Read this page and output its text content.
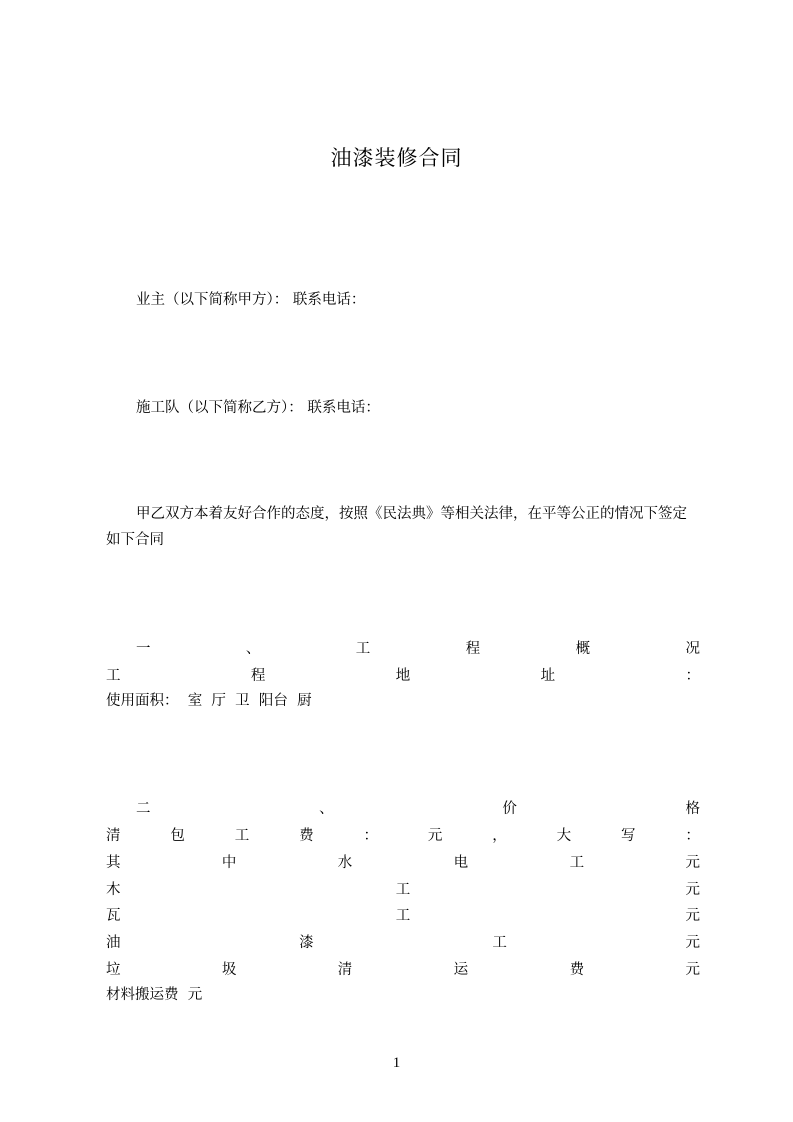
油漆装修合同
业主（以下简称甲方）： 联系电话：
施工队（以下简称乙方）： 联系电话：
甲乙双方本着友好合作的态度，按照《民法典》等相关法律，在平等公正的情况下签定如下合同
一	、	工	程	概	况
工	程	地	址	：
使用面积：  室  厅  卫  阳台  厨
二	、	价	格
清	包	工	费	：	元	，	大	写	：
其	中	水	电	工	元
木	工	元
瓦	工	元
油	漆	工	元
垃	圾	清	运	费	元
材料搬运费  元
1
